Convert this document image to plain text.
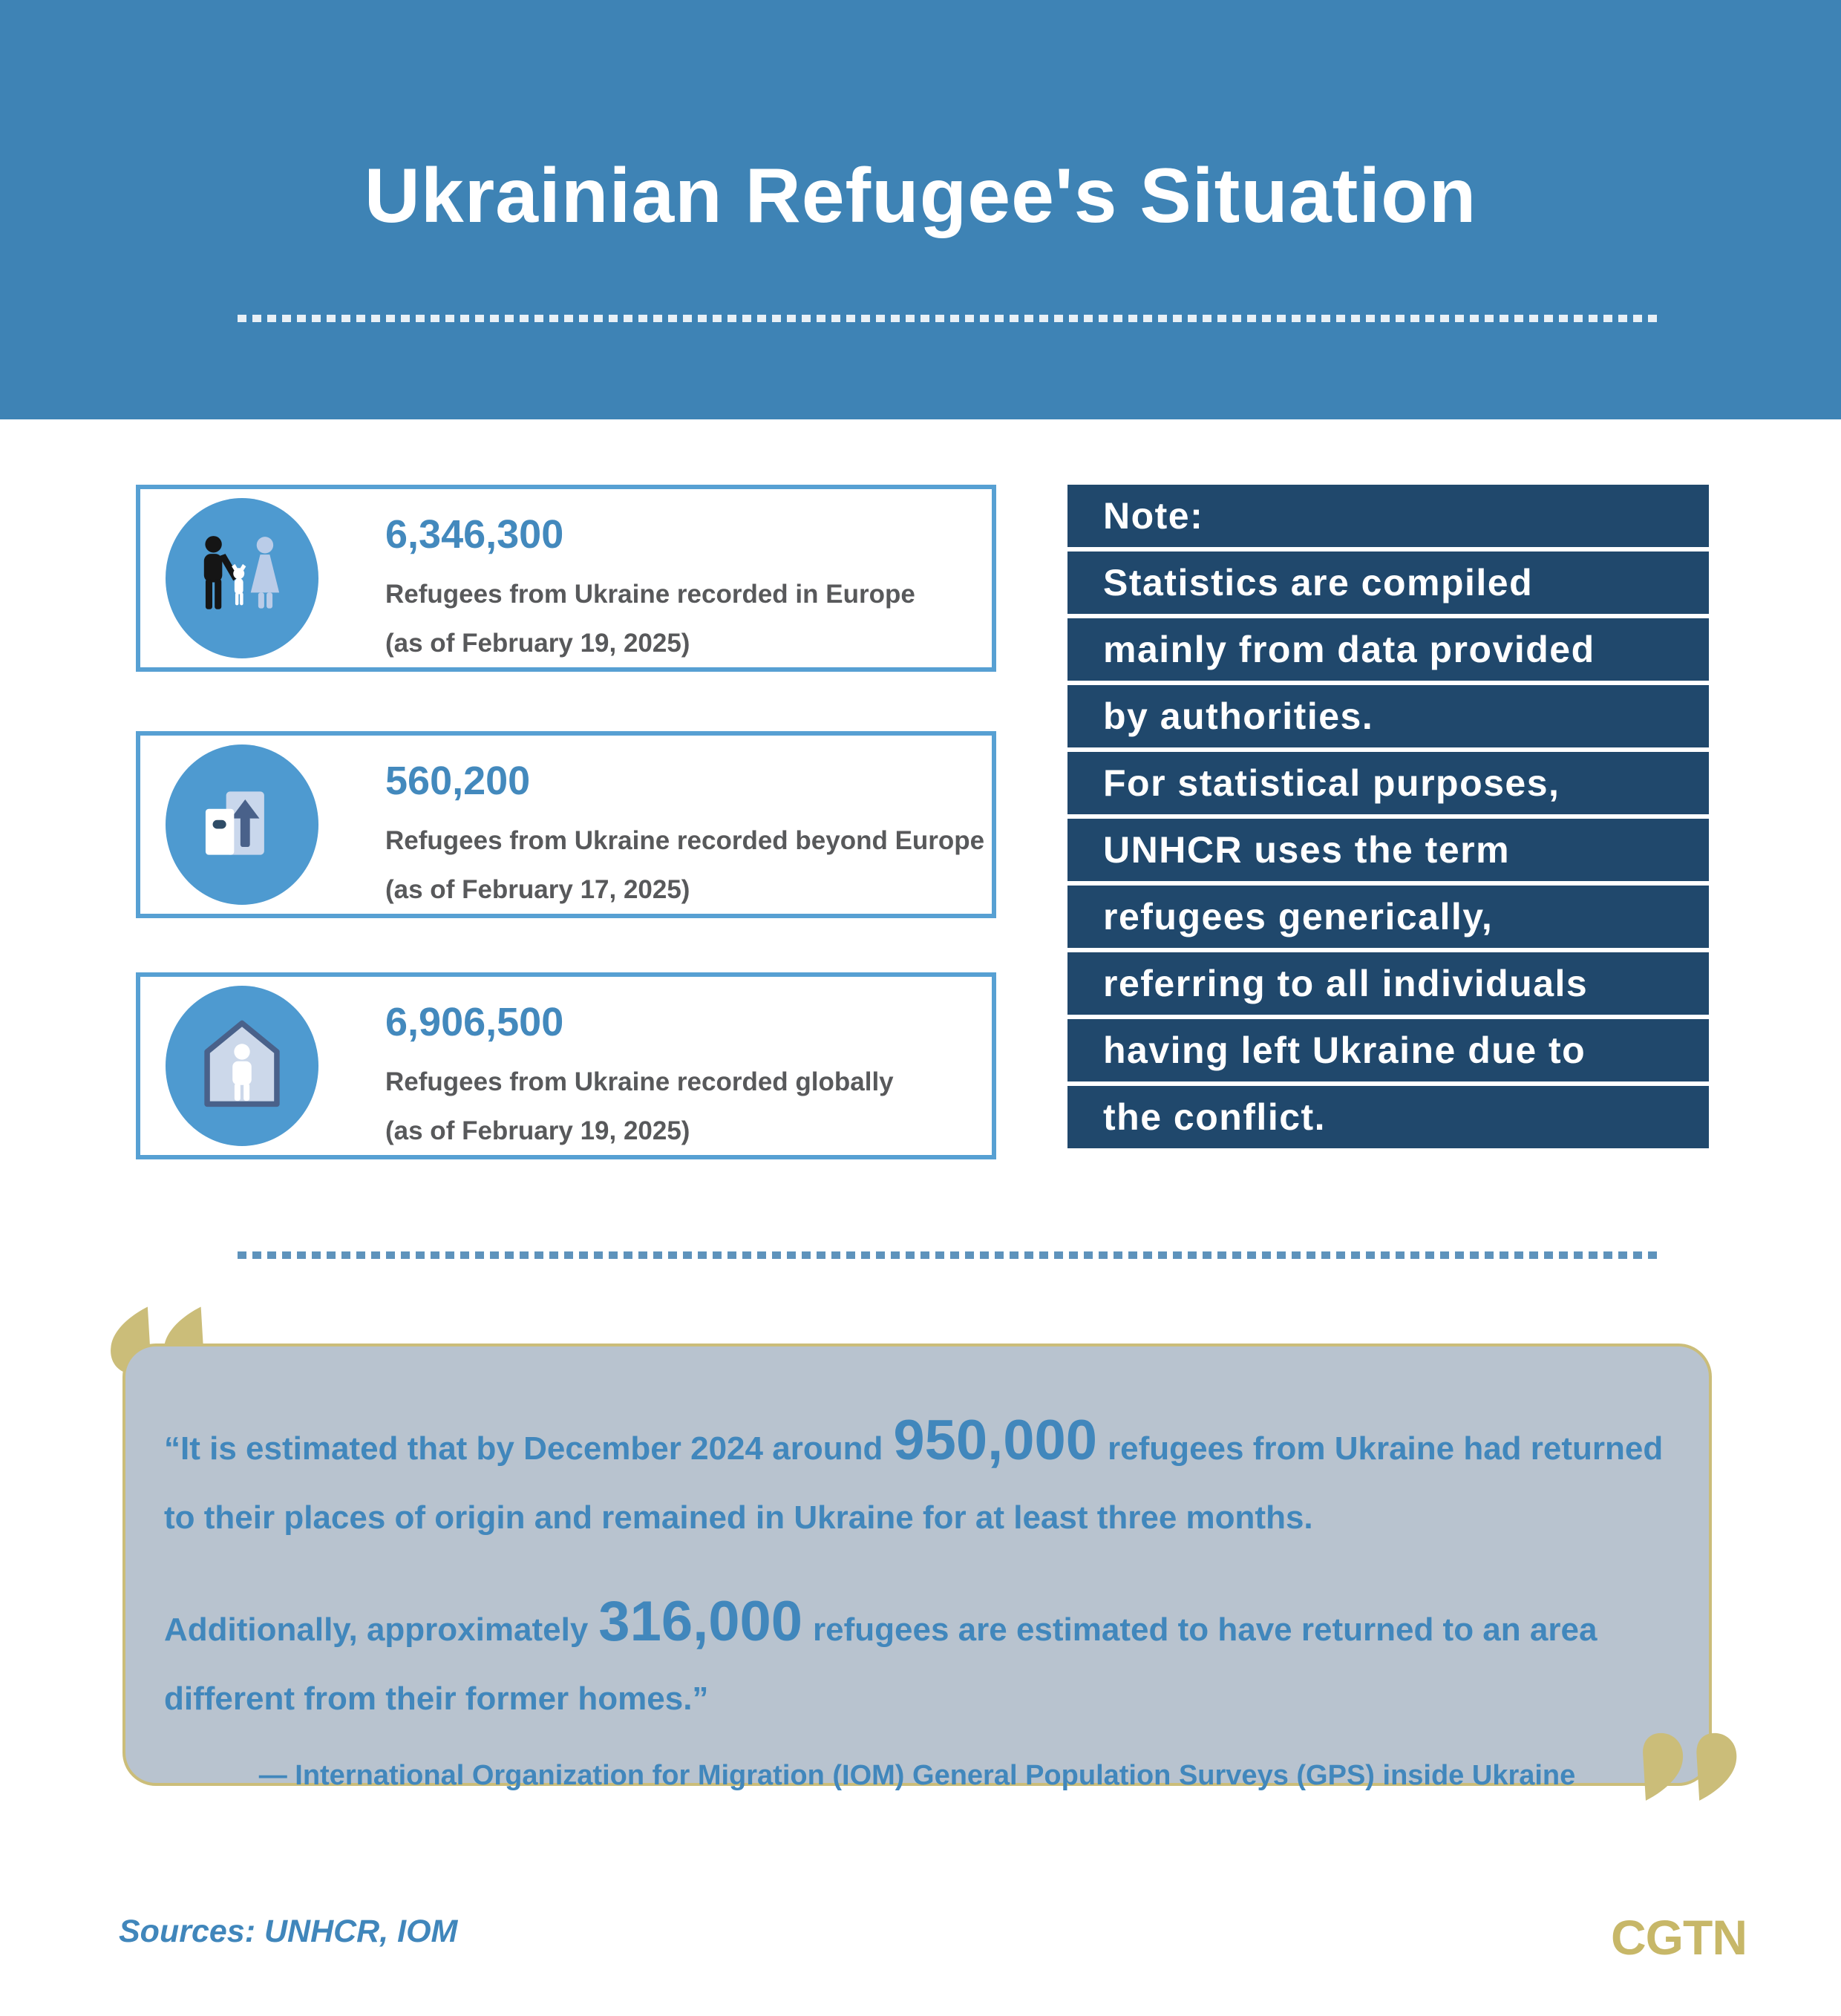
Ukrainian Refugee's Situation
6,346,300
Refugees from Ukraine recorded in Europe
(as of February 19, 2025)
560,200
Refugees from Ukraine recorded beyond Europe
(as of February 17, 2025)
6,906,500
Refugees from Ukraine recorded globally
(as of February 19, 2025)
Note:
Statistics are compiled
mainly from data provided
by authorities.
For statistical purposes,
UNHCR uses the term
refugees generically,
referring to all individuals
having left Ukraine due to
the conflict.

“It is estimated that by December 2024 around 950,000 refugees from Ukraine had returned to their places of origin and remained in Ukraine for at least three months.

Additionally, approximately 316,000 refugees are estimated to have returned to an area different from their former homes.”

— International Organization for Migration (IOM) General Population Surveys (GPS) inside Ukraine
Sources: UNHCR, IOM	CGTN
